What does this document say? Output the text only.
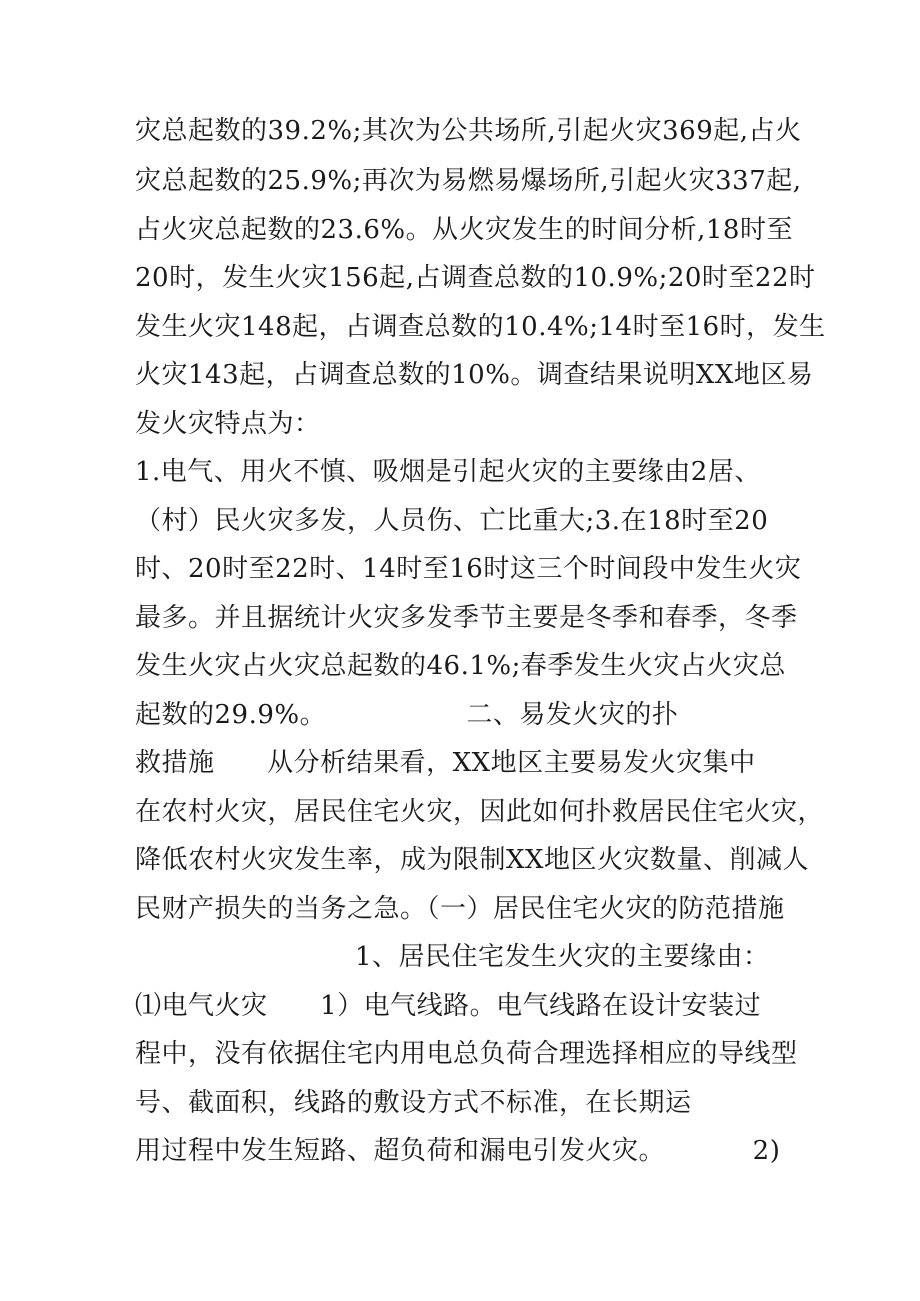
灾总起数的39.2%;其次为公共场所,引起火灾369起,占火
灾总起数的25.9%;再次为易燃易爆场所,引起火灾337起,
占火灾总起数的23.6%。从火灾发生的时间分析,18时至
20时，发生火灾156起,占调查总数的10.9%;20时至22时
发生火灾148起，占调查总数的10.4%;14时至16时，发生
火灾143起，占调查总数的10%。调查结果说明XX地区易
发火灾特点为：
1.电气、用火不慎、吸烟是引起火灾的主要缘由2居、
（村）民火灾多发，人员伤、亡比重大;3.在18时至20
时、20时至22时、14时至16时这三个时间段中发生火灾
最多。并且据统计火灾多发季节主要是冬季和春季，冬季
发生火灾占火灾总起数的46.1%;春季发生火灾占火灾总
起数的29.9%。                二、易发火灾的扑
救措施      从分析结果看，XX地区主要易发火灾集中
在农村火灾，居民住宅火灾，因此如何扑救居民住宅火灾，
降低农村火灾发生率，成为限制XX地区火灾数量、削减人
民财产损失的当务之急。（一）居民住宅火灾的防范措施
1、居民住宅发生火灾的主要缘由：
⑴电气火灾      1）电气线路。电气线路在设计安装过
程中，没有依据住宅内用电总负荷合理选择相应的导线型
号、截面积，线路的敷设方式不标准，在长期运
用过程中发生短路、超负荷和漏电引发火灾。          2)
